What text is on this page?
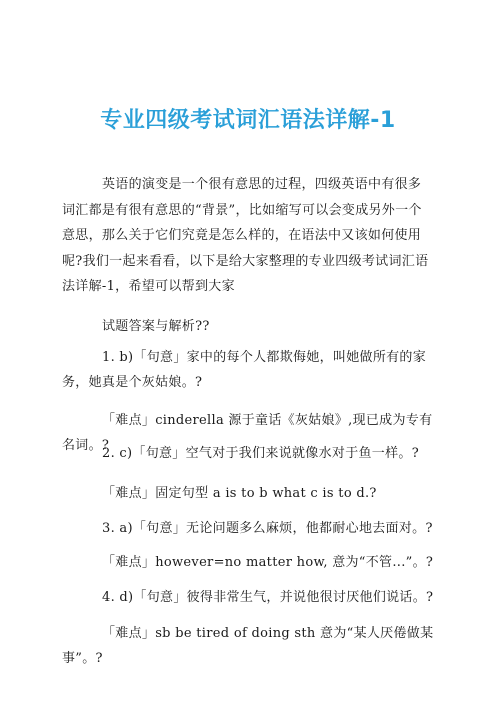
专业四级考试词汇语法详解-1
英语的演变是一个很有意思的过程，四级英语中有很多词汇都是有很有意思的“背景”，比如缩写可以会变成另外一个意思，那么关于它们究竟是怎么样的，在语法中又该如何使用呢?我们一起来看看，以下是给大家整理的专业四级考试词汇语法详解-1，希望可以帮到大家
试题答案与解析??
1. b)「句意」家中的每个人都欺侮她，叫她做所有的家务，她真是个灰姑娘。?
「难点」cinderella 源于童话《灰姑娘》,现已成为专有名词。?
2. c)「句意」空气对于我们来说就像水对于鱼一样。?
「难点」固定句型 a is to b what c is to d.?
3. a)「句意」无论问题多么麻烦，他都耐心地去面对。?
「难点」however=no matter how, 意为“不管...”。?
4. d)「句意」彼得非常生气，并说他很讨厌他们说话。?
「难点」sb be tired of doing sth 意为“某人厌倦做某事”。?
